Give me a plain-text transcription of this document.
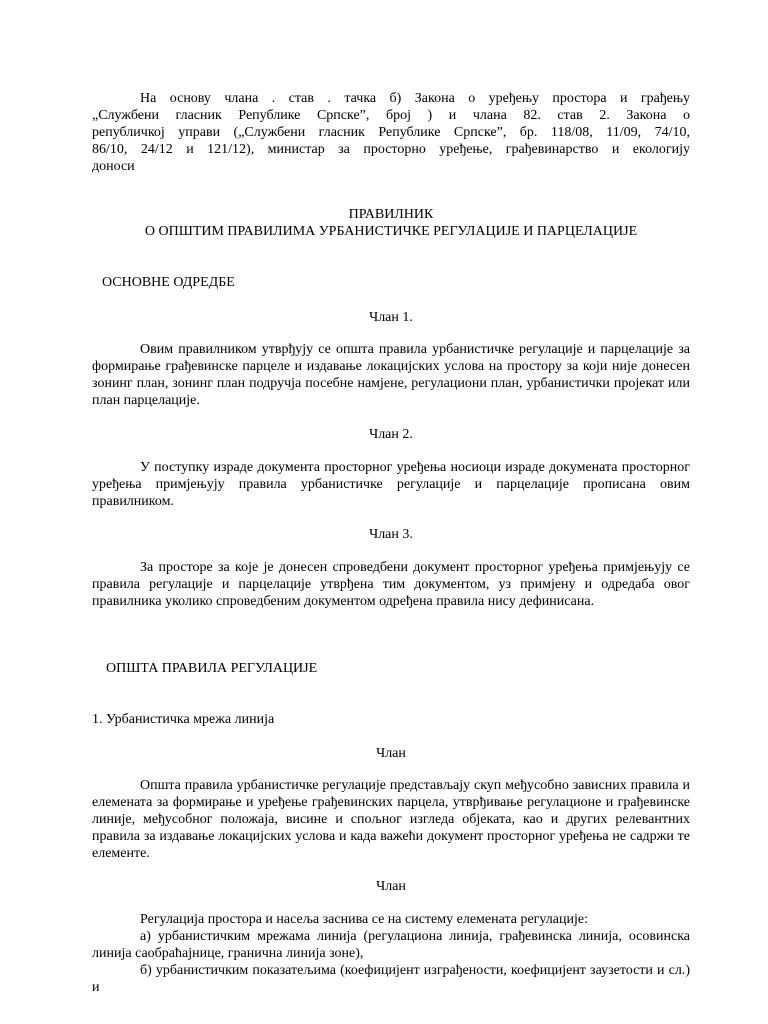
На основу члана . став . тачка б) Закона о уређењу простора и грађењу
„Службени гласник Републике Српске”, број ) и члана 82. став 2. Закона о
републичкој управи („Службени гласник Републике Српске”, бр. 118/08, 11/09, 74/10,
86/10, 24/12 и 121/12), министар за просторно уређење, грађевинарство и екологију
доноси
ПРАВИЛНИК
О ОПШТИМ ПРАВИЛИМА УРБАНИСТИЧКЕ РЕГУЛАЦИЈЕ И ПАРЦЕЛАЦИЈЕ
ОСНОВНЕ ОДРЕДБЕ
Члан 1.
Овим правилником утврђују се општа правила урбанистичке регулације и парцелације за формирање грађевинске парцеле и издавање локацијских услова на простору за који није донесен зонинг план, зонинг план подручја посебне намјене, регулациони план, урбанистички пројекат или план парцелације.
Члан 2.
У поступку израде документа просторног уређења носиоци израде докумената просторног уређења примјењују правила урбанистичке регулације и парцелације прописана овим правилником.
Члан 3.
За просторе за које је донесен спроведбени документ просторног уређења примјењују се правила регулације и парцелације утврђена тим документом, уз примјену и одредаба овог правилника уколико спроведбеним документом одређена правила нису дефинисана.
ОПШТА ПРАВИЛА РЕГУЛАЦИЈЕ
1. Урбанистичка мрежа линија
Члан
Општа правила урбанистичке регулације представљају скуп међусобно зависних правила и елемената за формирање и уређење грађевинских парцела, утврђивање регулационе и грађевинске линије, међусобног положаја, висине и спољног изгледа објеката, као и других релевантних правила за издавање локацијских услова и када важећи документ просторног уређења не садржи те елементе.
Члан
Регулација простора и насеља заснива се на систему елемената регулације:
а) урбанистичким мрежама линија (регулациона линија, грађевинска линија, осовинска линија саобраћајнице, гранична линија зоне),
б) урбанистичким показатељима (коефицијент изграђености, коефицијент заузетости и сл.) и
